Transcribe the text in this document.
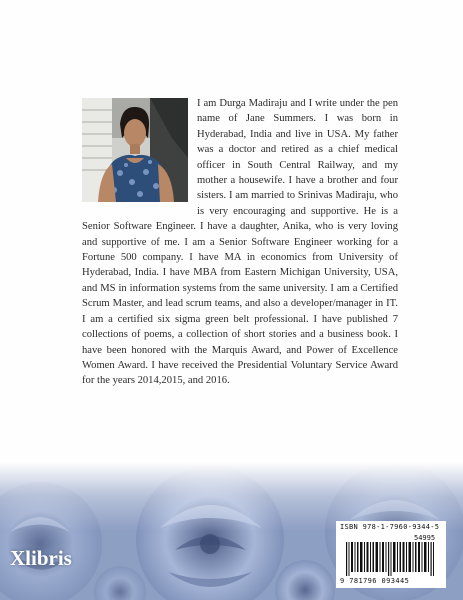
I am Durga Madiraju and I write under the pen name of Jane Summers. I was born in Hyderabad, India and live in USA. My father was a doctor and retired as a chief medical officer in South Central Railway, and my mother a housewife. I have a brother and four sisters. I am married to Srinivas Madiraju, who is very encouraging and supportive. He is a Senior Software Engineer. I have a daughter, Anika, who is very loving and supportive of me. I am a Senior Software Engineer working for a Fortune 500 company. I have MA in economics from University of Hyderabad, India. I have MBA from Eastern Michigan University, USA, and MS in information systems from the same university. I am a Certified Scrum Master, and lead scrum teams, and also a developer/manager in IT. I am a certified six sigma green belt professional. I have published 7 collections of poems, a collection of short stories and a business book. I have been honored with the Marquis Award, and Power of Excellence Women Award. I have received the Presidential Voluntary Service Award for the years 2014,2015, and 2016.

ISBN 978-1-7960-9344-5
54995
9 781796 093445
Xlibris
